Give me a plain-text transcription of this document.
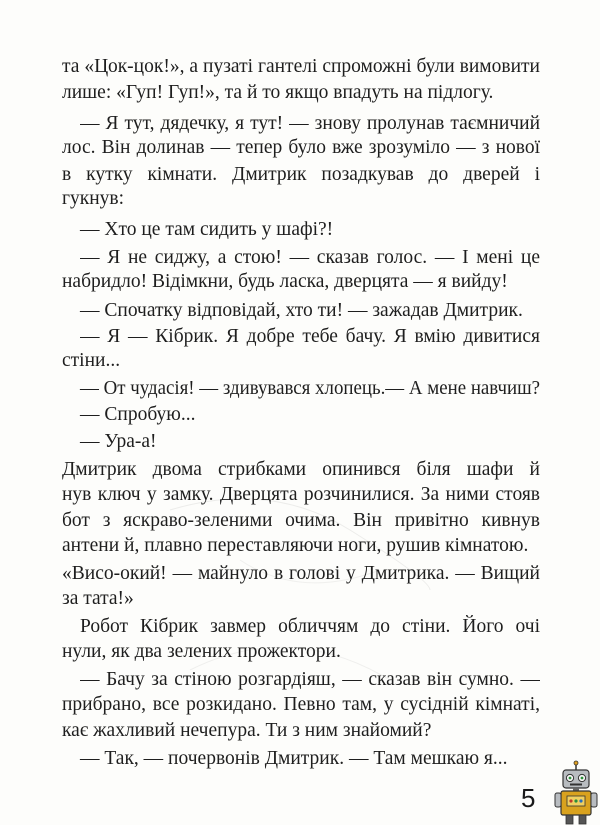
та «Цок-цок!», а пузаті гантелі спроможні були вимовити
лише: «Гуп! Гуп!», та й то якщо впадуть на підлогу.
— Я тут, дядечку, я тут! — знову пролунав таємничий
лос. Він долинав — тепер було вже зрозуміло — з нової
в кутку кімнати. Дмитрик позадкував до дверей і
гукнув:
— Хто це там сидить у шафі?!
— Я не сиджу, а стою! — сказав голос. — І мені це
набридло! Відімкни, будь ласка, дверцята — я вийду!
— Спочатку відповідай, хто ти! — зажадав Дмитрик.
— Я — Кібрик. Я добре тебе бачу. Я вмію дивитися
стіни...
— От чудасія! — здивувався хлопець.— А мене навчиш?
— Спробую...
— Ура-а!
Дмитрик двома стрибками опинився біля шафи й
нув ключ у замку. Дверцята розчинилися. За ними стояв
бот з яскраво-зеленими очима. Він привітно кивнув
антени й, плавно переставляючи ноги, рушив кімнатою.
«Висо-окий! — майнуло в голові у Дмитрика. — Вищий
за тата!»
Робот Кібрик завмер обличчям до стіни. Його очі
нули, як два зелених прожектори.
— Бачу за стіною розгардіяш, — сказав він сумно. —
прибрано, все розкидано. Певно там, у сусідній кімнаті,
кає жахливий нечепура. Ти з ним знайомий?
— Так, — почервонів Дмитрик. — Там мешкаю я...
5
